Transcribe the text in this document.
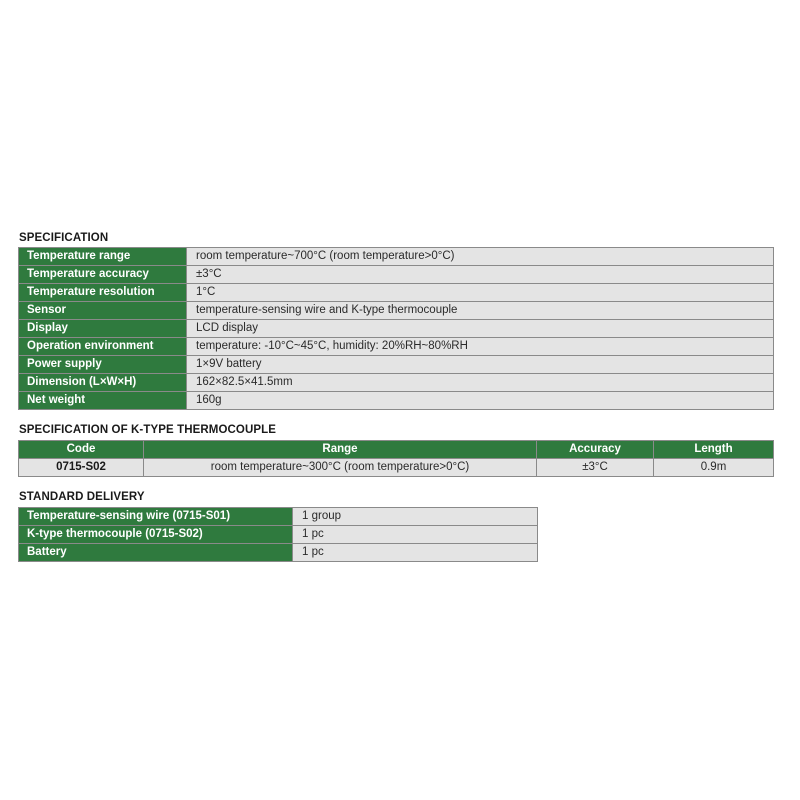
SPECIFICATION
Temperature range	room temperature~700°C (room temperature>0°C)
Temperature accuracy	±3°C
Temperature resolution	1°C
Sensor	temperature-sensing wire and K-type thermocouple
Display	LCD display
Operation environment	temperature: -10°C~45°C, humidity: 20%RH~80%RH
Power supply	1×9V battery
Dimension (L×W×H)	162×82.5×41.5mm
Net weight	160g
SPECIFICATION OF K-TYPE THERMOCOUPLE
Code	Range	Accuracy	Length
0715-S02	room temperature~300°C (room temperature>0°C)	±3°C	0.9m
STANDARD DELIVERY
Temperature-sensing wire (0715-S01)	1 group
K-type thermocouple (0715-S02)	1 pc
Battery	1 pc
